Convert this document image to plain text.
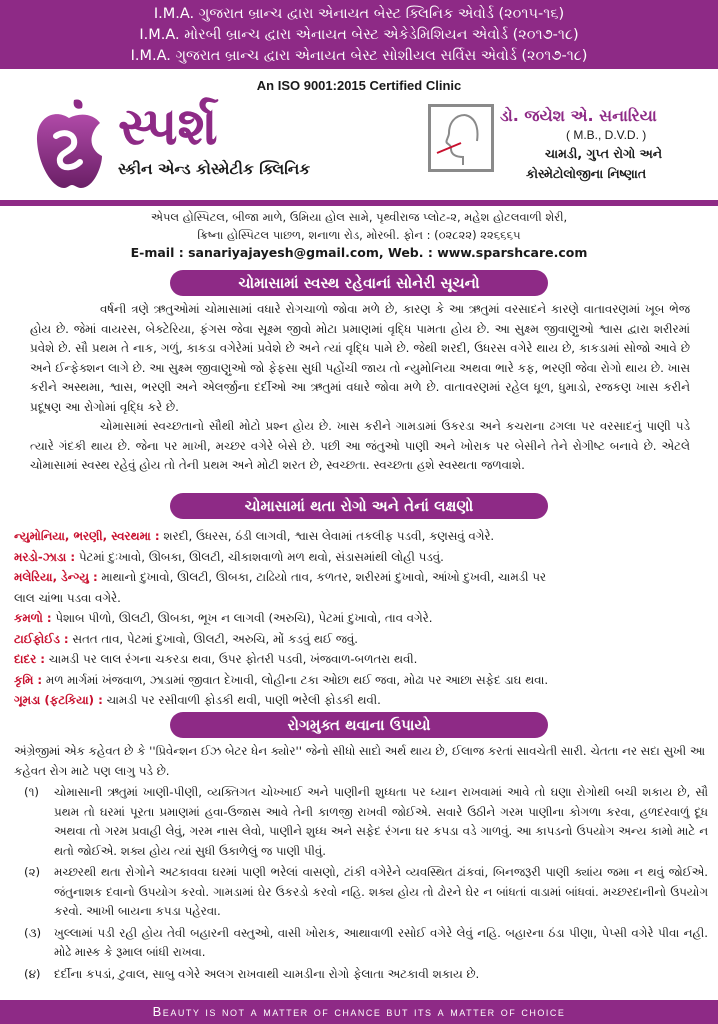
I.M.A. ગુજરાત બ્રાન્ચ દ્વારા એનાયત બેસ્ટ ક્લિનિક એવોર્ડ (૨૦૧૫-૧૬)
I.M.A. મોરબી બ્રાન્ચ દ્વારા એનાયત બેસ્ટ એકેડેમિશિયન એવોર્ડ (૨૦૧૭-૧૮)
I.M.A. ગુજરાત બ્રાન્ચ દ્વારા એનાયત બેસ્ટ સોશીયલ સર્વિસ એવોર્ડ (૨૦૧૭-૧૮)
An ISO 9001:2015 Certified Clinic
સ્પર્શ
સ્કીન એન્ડ કોસ્મેટીક ક્લિનિક
ડો. જયેશ એ. સનારિયા
( M.B., D.V.D. )
ચામડી, ગુપ્ત રોગો અને
કોસ્મેટોલોજીના નિષ્ણાત
એપલ હોસ્પિટલ, બીજા માળે, ઉમિયા હોલ સામે, પૃથ્વીરાજ પ્લોટ-૨, મહેશ હોટલવાળી શેરી,
ક્રિષ્ના હોસ્પિટલ પાછળ, શનાળા રોડ, મોરબી. ફોન : (૦૨૮૨૨) ૨૨૬૬૬૫
E-mail : sanariyajayesh@gmail.com, Web. : www.sparshcare.com
ચોમાસામાં સ્વસ્થ રહેવાનાં સોનેરી સૂચનો

વર્ષની ત્રણે ઋતુઓમાં ચોમાસામાં વધારે રોગચાળો જોવા મળે છે, કારણ કે આ ઋતુમાં વરસાદને કારણે વાતાવરણમાં ખૂબ ભેજ હોય છે. જેમાં વાયરસ, બેક્ટેરિયા, ફંગસ જેવા સૂક્ષ્મ જીવો મોટા પ્રમાણમાં વૃદ્ધિ પામતા હોય છે. આ સુક્ષ્મ જીવાણુઓ શ્વાસ દ્વારા શરીરમાં પ્રવેશે છે. સૌ પ્રથમ તે નાક, ગળું, કાકડા વગેરેમાં પ્રવેશે છે અને ત્યાં વૃદ્ધિ પામે છે. જેથી શરદી, ઉધરસ વગેરે થાય છે, કાકડામાં સોજો આવે છે અને ઈન્ફેક્શન લાગે છે. આ સુક્ષ્મ જીવાણુઓ જો ફેફસા સુધી પહોંચી જાય તો ન્યુમોનિયા અથવા ભારે કફ, ભરણી જેવા રોગો થાય છે. ખાસ કરીને અસ્થમા, શ્વાસ, ભરણી અને એલર્જીના દર્દીઓ આ ઋતુમાં વધારે જોવા મળે છે. વાતાવરણમાં રહેલ ધૂળ, ધુમાડો, રજકણ ખાસ કરીને પ્રદૂષણ આ રોગોમાં વૃદ્ધિ કરે છે.

ચોમાસામાં સ્વચ્છતાનો સૌથી મોટો પ્રશ્ન હોય છે. ખાસ કરીને ગામડામાં ઉકરડા અને કચરાના ઢગલા પર વરસાદનું પાણી પડે ત્યારે ગંદકી થાય છે. જેના પર માખી, મચ્છર વગેરે બેસે છે. પછી આ જંતુઓ પાણી અને ખોરાક પર બેસીને તેને રોગીષ્ટ બનાવે છે. એટલે ચોમાસામાં સ્વસ્થ રહેવું હોય તો તેની પ્રથમ અને મોટી શરત છે, સ્વચ્છતા. સ્વચ્છતા હશે સ્વસ્થતા જળવાશે.

ચોમાસામાં થતા રોગો અને તેનાં લક્ષણો
ન્યુમોનિયા, ભરણી, સ્વરથમા : શરદી, ઉધરસ, ઠંડી લાગવી, શ્વાસ લેવામાં તકલીફ પડવી, કણસવું વગેરે.
મરડો-ઝાડા : પેટમાં દુઃખાવો, ઊબકા, ઊલટી, ચીકાશવાળો મળ થવો, સંડાસમાંથી લોહી પડવું.
મલેરિયા, ડેન્ગ્યુ : માથાનો દુખાવો, ઊલટી, ઊબકા, ટાઢિયો તાવ, કળતર, શરીરમાં દુખાવો, આંખો દુખવી, ચામડી પર
લાલ ચાંભા પડવા વગેરે.
કમળો : પેશાબ પીળો, ઊલટી, ઊબકા, ભૂખ ન લાગવી (અરુચિ), પેટમાં દુખાવો, તાવ વગેરે.
ટાઈફોઈડ : સતત તાવ, પેટમાં દુખાવો, ઊલટી, અરુચિ, મોં કડવું થઈ જવું.
દાદર : ચામડી પર લાલ રંગના ચકરડા થવા, ઉપર ફોતરી પડવી, ખંજવાળ-બળતરા થવી.
કૃમિ : મળ માર્ગમાં ખંજવાળ, ઝાડામાં જીવાત દેખાવી, લોહીના ટકા ઓછા થઈ જવા, મોઢા પર આછા સફેદ ડાઘ થવા.
ગૂમડા (ફટકિયા) : ચામડી પર રસીવાળી ફોડકી થવી, પાણી ભરેલી ફોડકી થવી.
રોગમુક્ત થવાના ઉપાયો

અંગ્રેજીમાં એક કહેવત છે કે ''પ્રિવેન્શન ઈઝ બેટર ધેન ક્યોર'' જેનો સીધો સાદો અર્થ થાય છે, ઈલાજ કરતાં સાવચેતી સારી. ચેતતા નર સદા સુખી આ કહેવત રોગ માટે પણ લાગુ પડે છે.

(૧)	ચોમાસાની ઋતુમાં ખાણી-પીણી, વ્યક્તિગત ચોખ્ખાઈ અને પાણીની શુધ્ધતા પર ધ્યાન રાખવામાં આવે તો ઘણા રોગોથી બચી શકાય છે, સૌ પ્રથમ તો ઘરમાં પૂરતા પ્રમાણમાં હવા-ઉજાસ આવે તેની કાળજી રાખવી જોઈએ. સવારે ઉઠીને ગરમ પાણીના કોગળા કરવા, હળદરવાળું દૂધ અથવા તો ગરમ પ્રવાહી લેવું, ગરમ નાસ લેવો, પાણીને શુધ્ધ અને સફેદ રંગના ઘર કપડા વડે ગાળવું. આ કાપડનો ઉપયોગ અન્ય કામો માટે ન થતો જોઈએ. શક્ય હોય ત્યાં સુધી ઉકાળેલું જ પાણી પીવું.
(૨)	મચ્છરથી થતા રોગોને અટકાવવા ઘરમાં પાણી ભરેલાં વાસણો, ટાંકી વગેરેને વ્યવસ્થિત ઢાંકવાં, બિનજરૂરી પાણી ક્યાંય જમા ન થવું જોઈએ. જંતુનાશક દવાનો ઉપયોગ કરવો. ગામડામાં ઘેર ઉકરડો કરવો નહિ. શક્ય હોય તો ઢોરને ઘેર ન બાંધતાં વાડામાં બાંધવાં. મચ્છરદાનીનો ઉપયોગ કરવો. આખી બાયના કપડા પહેરવા.
(૩)	ખુલ્લામાં પડી રહી હોય તેવી બહારની વસ્તુઓ, વાસી ખોરાક, આથાવાળી રસોઈ વગેરે લેવું નહિ. બહારના ઠંડા પીણા, પેપ્સી વગેરે પીવા નહી. મોઢે માસ્ક કે રૂમાલ બાંધી રાખવા.
(૪)	દર્દીના કપડાં, ટુવાલ, સાબુ વગેરે અલગ રાખવાથી ચામડીના રોગો ફેલાતા અટકાવી શકાય છે.
Beauty is not a matter of chance but its a matter of choice
